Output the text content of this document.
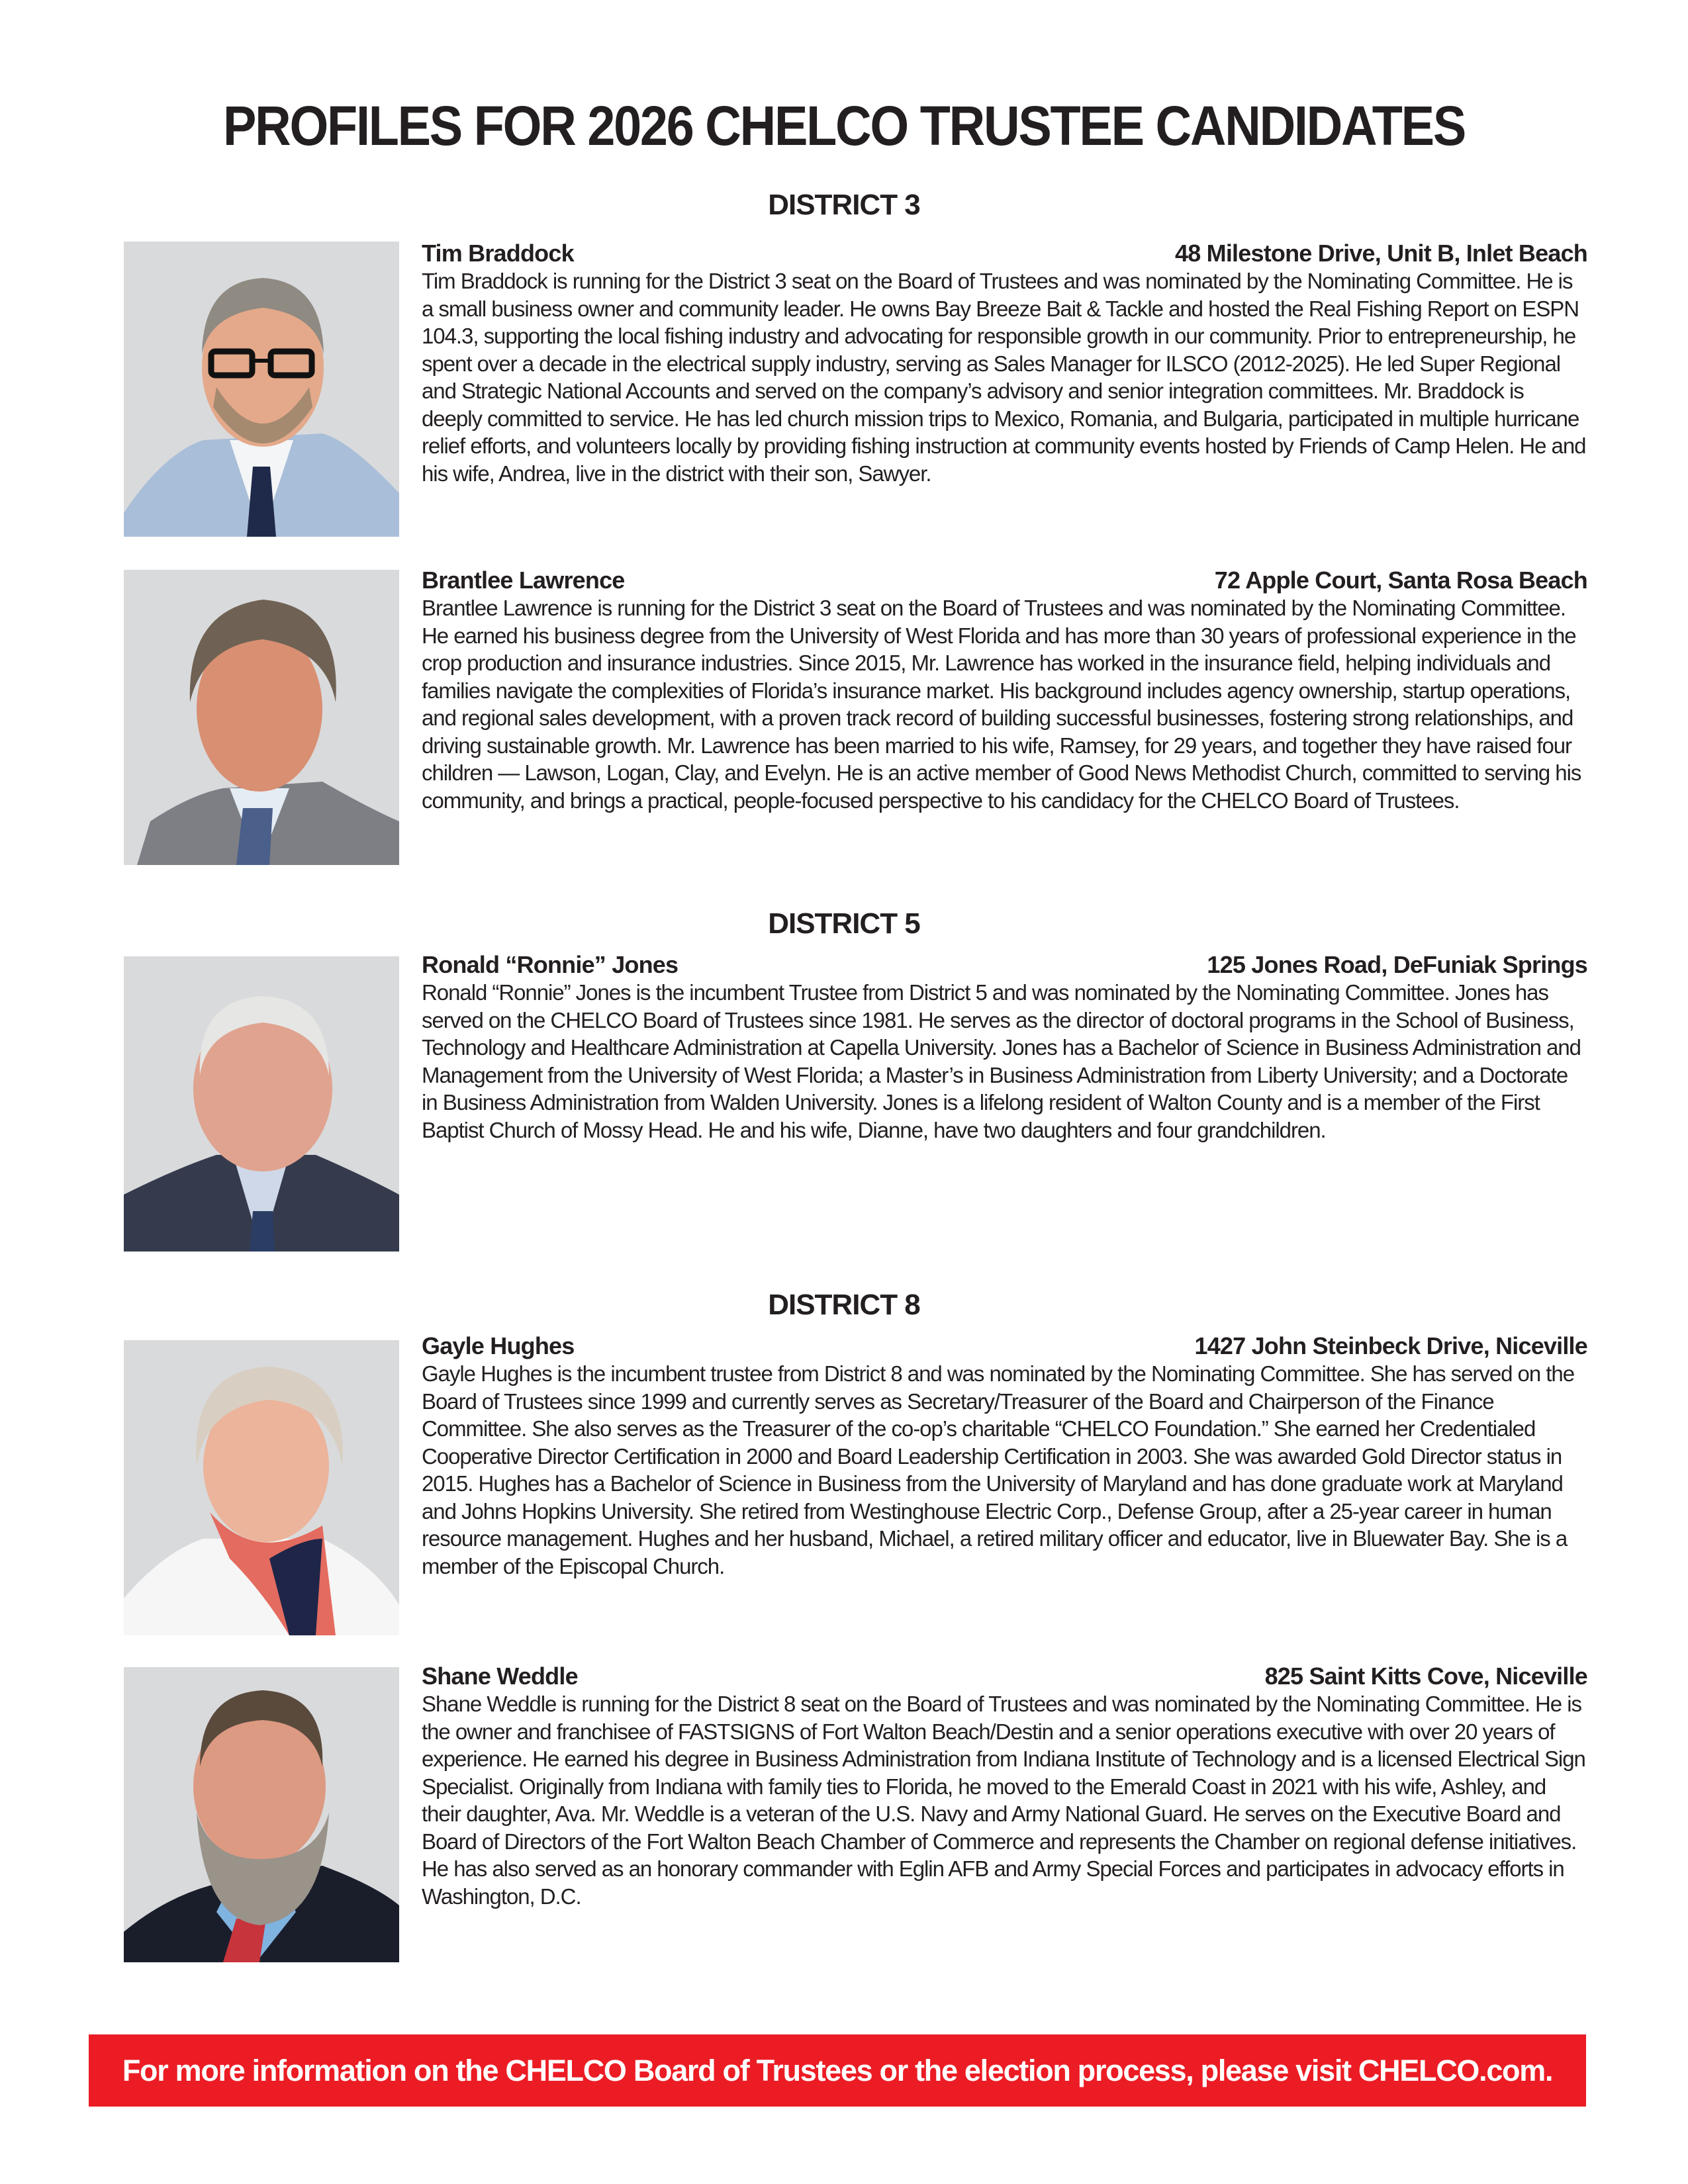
PROFILES FOR 2026 CHELCO TRUSTEE CANDIDATES
DISTRICT 3
Tim Braddock	48 Milestone Drive, Unit B, Inlet Beach

Tim Braddock is running for the District 3 seat on the Board of Trustees and was nominated by the Nominating Committee. He is a small business owner and community leader. He owns Bay Breeze Bait & Tackle and hosted the Real Fishing Report on ESPN 104.3, supporting the local fishing industry and advocating for responsible growth in our community. Prior to entrepreneurship, he spent over a decade in the electrical supply industry, serving as Sales Manager for ILSCO (2012-2025). He led Super Regional and Strategic National Accounts and served on the company’s advisory and senior integration committees. Mr. Braddock is deeply committed to service. He has led church mission trips to Mexico, Romania, and Bulgaria, participated in multiple hurricane relief efforts, and volunteers locally by providing fishing instruction at community events hosted by Friends of Camp Helen. He and his wife, Andrea, live in the district with their son, Sawyer.

Brantlee Lawrence	72 Apple Court, Santa Rosa Beach

Brantlee Lawrence is running for the District 3 seat on the Board of Trustees and was nominated by the Nominating Committee. He earned his business degree from the University of West Florida and has more than 30 years of professional experience in the crop production and insurance industries. Since 2015, Mr. Lawrence has worked in the insurance field, helping individuals and families navigate the complexities of Florida’s insurance market. His background includes agency ownership, startup operations, and regional sales development, with a proven track record of building successful businesses, fostering strong relationships, and driving sustainable growth. Mr. Lawrence has been married to his wife, Ramsey, for 29 years, and together they have raised four children — Lawson, Logan, Clay, and Evelyn. He is an active member of Good News Methodist Church, committed to serving his community, and brings a practical, people-focused perspective to his candidacy for the CHELCO Board of Trustees.

DISTRICT 5
Ronald “Ronnie” Jones	125 Jones Road, DeFuniak Springs

Ronald “Ronnie” Jones is the incumbent Trustee from District 5 and was nominated by the Nominating Committee. Jones has served on the CHELCO Board of Trustees since 1981. He serves as the director of doctoral programs in the School of Business, Technology and Healthcare Administration at Capella University. Jones has a Bachelor of Science in Business Administration and Management from the University of West Florida; a Master’s in Business Administration from Liberty University; and a Doctorate in Business Administration from Walden University. Jones is a lifelong resident of Walton County and is a member of the First Baptist Church of Mossy Head. He and his wife, Dianne, have two daughters and four grandchildren.

DISTRICT 8
Gayle Hughes	1427 John Steinbeck Drive, Niceville

Gayle Hughes is the incumbent trustee from District 8 and was nominated by the Nominating Committee. She has served on the Board of Trustees since 1999 and currently serves as Secretary/Treasurer of the Board and Chairperson of the Finance Committee. She also serves as the Treasurer of the co-op’s charitable “CHELCO Foundation.” She earned her Credentialed Cooperative Director Certification in 2000 and Board Leadership Certification in 2003. She was awarded Gold Director status in 2015. Hughes has a Bachelor of Science in Business from the University of Maryland and has done graduate work at Maryland and Johns Hopkins University. She retired from Westinghouse Electric Corp., Defense Group, after a 25-year career in human resource management. Hughes and her husband, Michael, a retired military officer and educator, live in Bluewater Bay. She is a member of the Episcopal Church.

Shane Weddle	825 Saint Kitts Cove, Niceville

Shane Weddle is running for the District 8 seat on the Board of Trustees and was nominated by the Nominating Committee. He is the owner and franchisee of FASTSIGNS of Fort Walton Beach/Destin and a senior operations executive with over 20 years of experience. He earned his degree in Business Administration from Indiana Institute of Technology and is a licensed Electrical Sign Specialist. Originally from Indiana with family ties to Florida, he moved to the Emerald Coast in 2021 with his wife, Ashley, and their daughter, Ava. Mr. Weddle is a veteran of the U.S. Navy and Army National Guard. He serves on the Executive Board and Board of Directors of the Fort Walton Beach Chamber of Commerce and represents the Chamber on regional defense initiatives. He has also served as an honorary commander with Eglin AFB and Army Special Forces and participates in advocacy efforts in Washington, D.C.

For more information on the CHELCO Board of Trustees or the election process, please visit CHELCO.com.
